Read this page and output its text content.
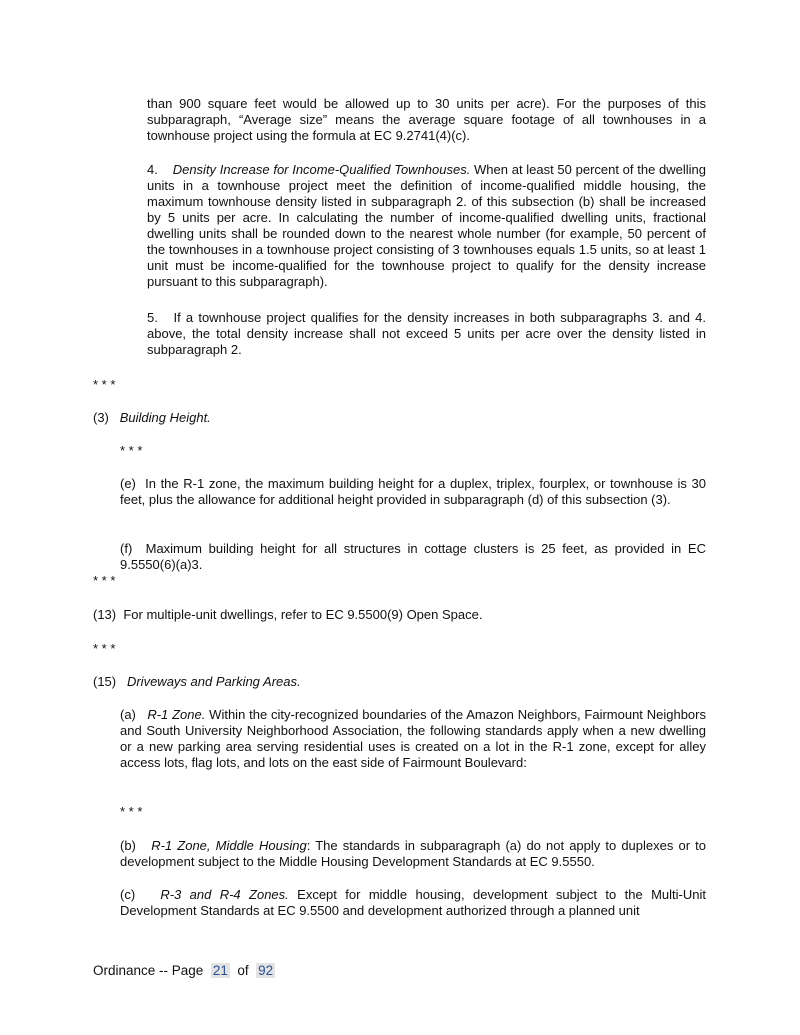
than 900 square feet would be allowed up to 30 units per acre). For the purposes of this subparagraph, “Average size” means the average square footage of all townhouses in a townhouse project using the formula at EC 9.2741(4)(c).

4. Density Increase for Income-Qualified Townhouses. When at least 50 percent of the dwelling units in a townhouse project meet the definition of income-qualified middle housing, the maximum townhouse density listed in subparagraph 2. of this subsection (b) shall be increased by 5 units per acre. In calculating the number of income-qualified dwelling units, fractional dwelling units shall be rounded down to the nearest whole number (for example, 50 percent of the townhouses in a townhouse project consisting of 3 townhouses equals 1.5 units, so at least 1 unit must be income-qualified for the townhouse project to qualify for the density increase pursuant to this subparagraph).

5.   If a townhouse project qualifies for the density increases in both subparagraphs 3. and 4. above, the total density increase shall not exceed 5 units per acre over the density listed in subparagraph 2.

* * *

(3) Building Height.

* * *

(e)  In the R-1 zone, the maximum building height for a duplex, triplex, fourplex, or townhouse is 30 feet, plus the allowance for additional height provided in subparagraph (d) of this subsection (3).

(f)  Maximum building height for all structures in cottage clusters is 25 feet, as provided in EC 9.5550(6)(a)3.

* * *

(13)  For multiple-unit dwellings, refer to EC 9.5500(9) Open Space.

* * *

(15) Driveways and Parking Areas.

(a) R-1 Zone. Within the city-recognized boundaries of the Amazon Neighbors, Fairmount Neighbors and South University Neighborhood Association, the following standards apply when a new dwelling or a new parking area serving residential uses is created on a lot in the R-1 zone, except for alley access lots, flag lots, and lots on the east side of Fairmount Boulevard:

* * *

(b) R-1 Zone, Middle Housing: The standards in subparagraph (a) do not apply to duplexes or to development subject to the Middle Housing Development Standards at EC 9.5550.

(c) R-3 and R-4 Zones. Except for middle housing, development subject to the Multi-Unit Development Standards at EC 9.5500 and development authorized through a planned unit

Ordinance -- Page 21 of 92
